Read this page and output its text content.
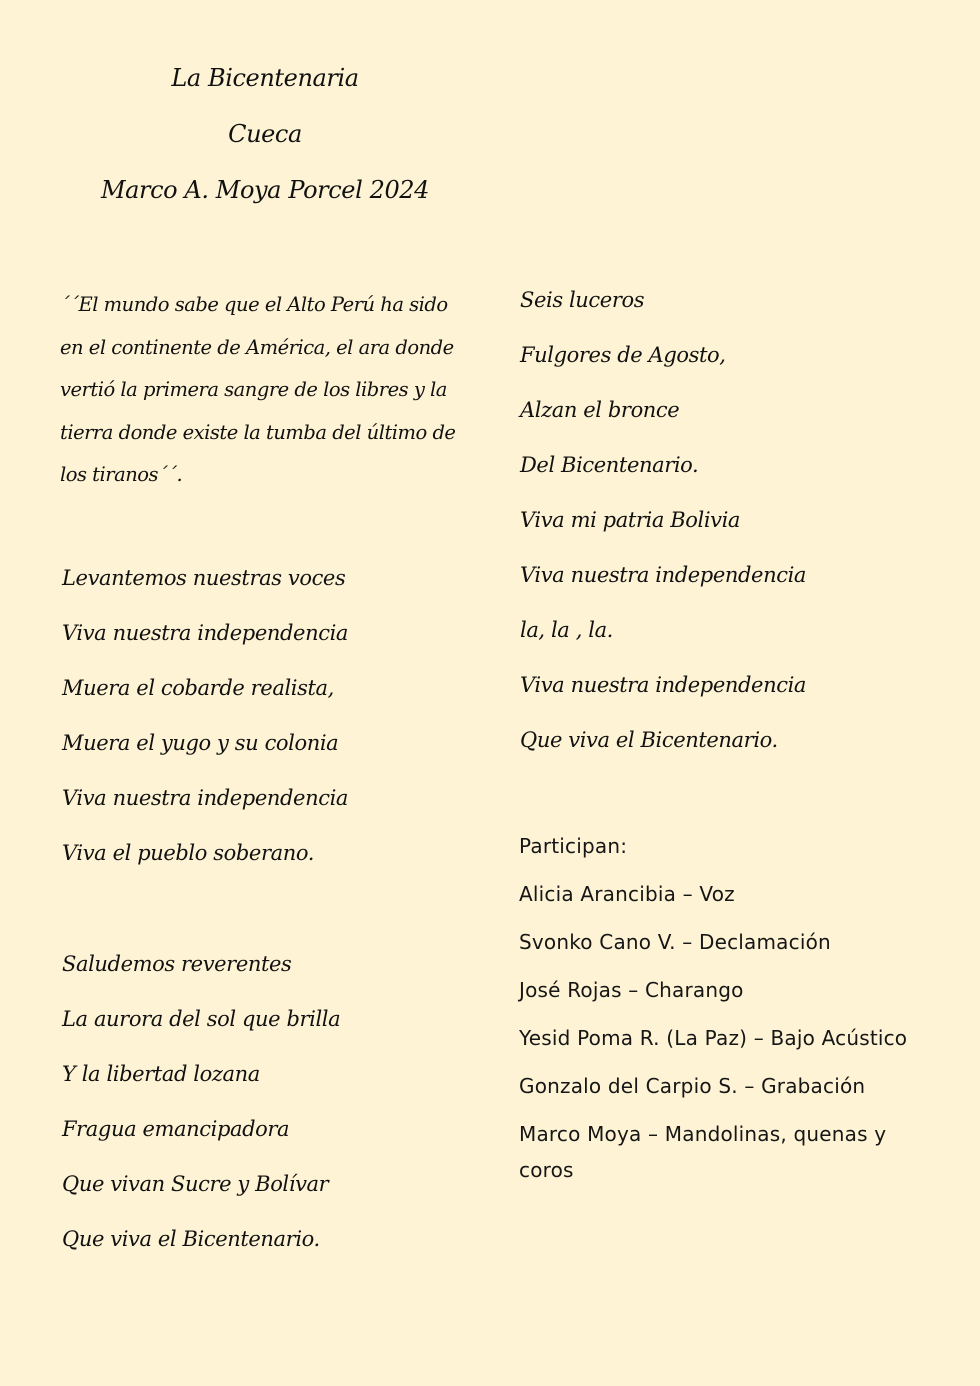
La Bicentenaria
Cueca
Marco A. Moya Porcel 2024
´´El mundo sabe que el Alto Perú ha sido en el continente de América, el ara donde vertió la primera sangre de los libres y la tierra donde existe la tumba del último de los tiranos´´.
Levantemos nuestras voces
Viva nuestra independencia
Muera el cobarde realista,
Muera el yugo y su colonia
Viva nuestra independencia
Viva el pueblo soberano.
Saludemos reverentes
La aurora del sol que brilla
Y la libertad lozana
Fragua emancipadora
Que vivan Sucre y Bolívar
Que viva el Bicentenario.
Seis luceros
Fulgores de Agosto,
Alzan el bronce
Del Bicentenario.
Viva mi patria Bolivia
Viva nuestra independencia
la, la , la.
Viva nuestra independencia
Que viva el Bicentenario.
Participan:
Alicia Arancibia – Voz
Svonko Cano V. – Declamación
José Rojas – Charango
Yesid Poma R. (La Paz) – Bajo Acústico
Gonzalo del Carpio S. – Grabación
Marco Moya – Mandolinas, quenas y coros
